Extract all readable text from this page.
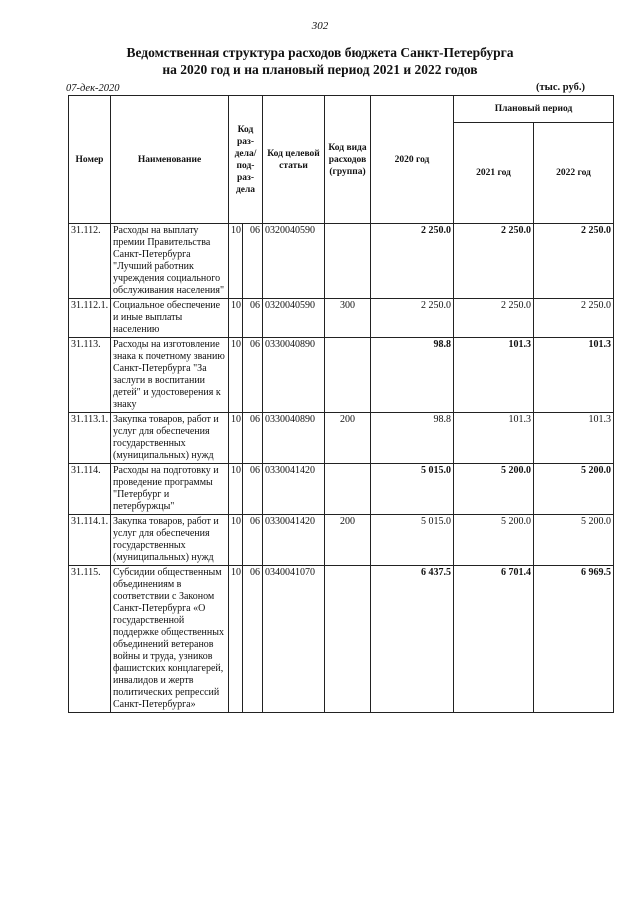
302
Ведомственная структура расходов бюджета Санкт-Петербурга
на 2020 год и на плановый период 2021 и 2022 годов
07-дек-2020	(тыс. руб.)
Номер	Наименование	Код раз- дела/ под- раз- дела		Код целевой статьи	Код вида расходов (группа)	2020 год	Плановый период	
							2021 год	2022 год
31.112.	Расходы на выплату премии Правительства Санкт-Петербурга "Лучший работник учреждения социального обслуживания населения"	10	06	0320040590		2 250.0	2 250.0	2 250.0
31.112.1.	Социальное обеспечение и иные выплаты населению	10	06	0320040590	300	2 250.0	2 250.0	2 250.0
31.113.	Расходы на изготовление знака к почетному званию Санкт-Петербурга "За заслуги в воспитании детей" и удостоверения к знаку	10	06	0330040890		98.8	101.3	101.3
31.113.1.	Закупка товаров, работ и услуг для обеспечения государственных (муниципальных) нужд	10	06	0330040890	200	98.8	101.3	101.3
31.114.	Расходы на подготовку и проведение программы "Петербург и петербуржцы"	10	06	0330041420		5 015.0	5 200.0	5 200.0
31.114.1.	Закупка товаров, работ и услуг для обеспечения государственных (муниципальных) нужд	10	06	0330041420	200	5 015.0	5 200.0	5 200.0
31.115.	Субсидии общественным объединениям в соответствии с Законом Санкт-Петербурга «О государственной поддержке общественных объединений ветеранов войны и труда, узников фашистских концлагерей, инвалидов и жертв политических репрессий Санкт-Петербурга»	10	06	0340041070		6 437.5	6 701.4	6 969.5
